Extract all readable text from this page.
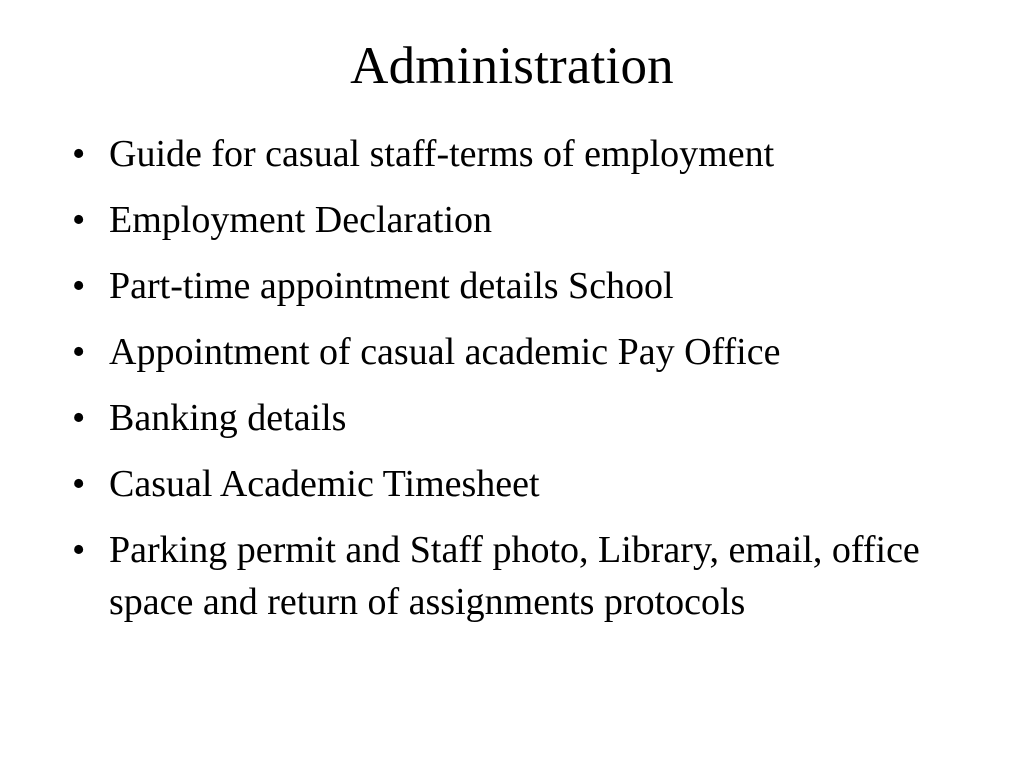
Administration
• Guide for casual staff-terms of employment
• Employment Declaration
• Part-time appointment details School
• Appointment of casual academic Pay Office
• Banking details
• Casual Academic Timesheet
• Parking permit and Staff photo, Library, email, office space and return of assignments protocols
